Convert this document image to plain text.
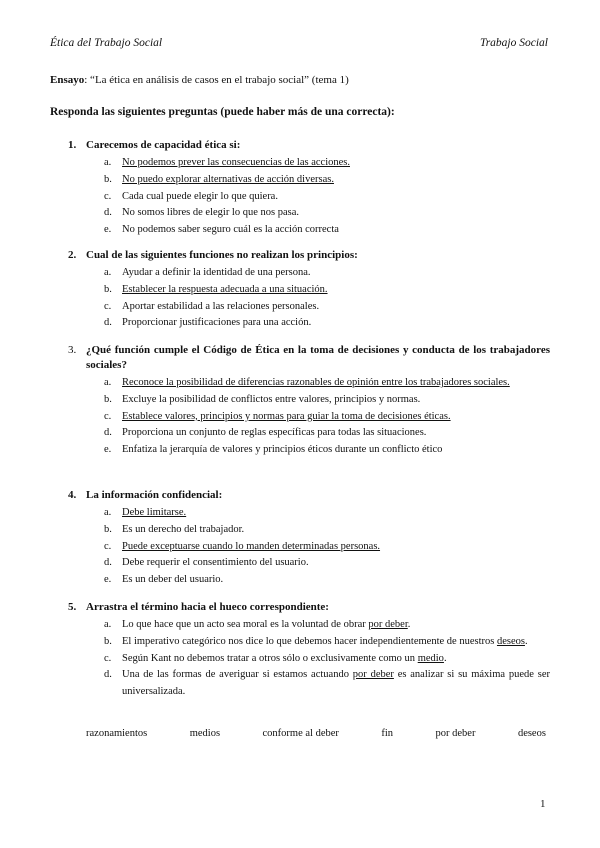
Ética del Trabajo Social	Trabajo Social
Ensayo: “La ética en análisis de casos en el trabajo social” (tema 1)
Responda las siguientes preguntas (puede haber más de una correcta):
1. Carecemos de capacidad ética si:
a.	No podemos prever las consecuencias de las acciones.
b. No puedo explorar alternativas de acción diversas.
c.	Cada cual puede elegir lo que quiera.
d. No somos libres de elegir lo que nos pasa.
e.	No podemos saber seguro cuál es la acción correcta
2. Cual de las siguientes funciones no realizan los principios:
a.	Ayudar a definir la identidad de una persona.
b. Establecer la respuesta adecuada a una situación.
c.	Aportar estabilidad a las relaciones personales.
d. Proporcionar justificaciones para una acción.
3. ¿Qué función cumple el Código de Ética en la toma de decisiones y conducta de los trabajadores sociales?
a.	Reconoce la posibilidad de diferencias razonables de opinión entre los trabajadores sociales.
b. Excluye la posibilidad de conflictos entre valores, principios y normas.
c.	Establece valores, principios y normas para guiar la toma de decisiones éticas.
d. Proporciona un conjunto de reglas específicas para todas las situaciones.
e.	Enfatiza la jerarquía de valores y principios éticos durante un conflicto ético
4. La información confidencial:
a.	Debe limitarse.
b. Es un derecho del trabajador.
c.	Puede exceptuarse cuando lo manden determinadas personas.
d. Debe requerir el consentimiento del usuario.
e.	Es un deber del usuario.
5. Arrastra el término hacia el hueco correspondiente:
a.	Lo que hace que un acto sea moral es la voluntad de obrar por deber.
b. El imperativo categórico nos dice lo que debemos hacer independientemente de nuestros deseos.
c.	Según Kant no debemos tratar a otros sólo o exclusivamente como un medio.
d. Una de las formas de averiguar si estamos actuando por deber es analizar si su máxima puede ser universalizada.
razonamientos	medios	conforme al deber	fin	por deber	deseos
1
